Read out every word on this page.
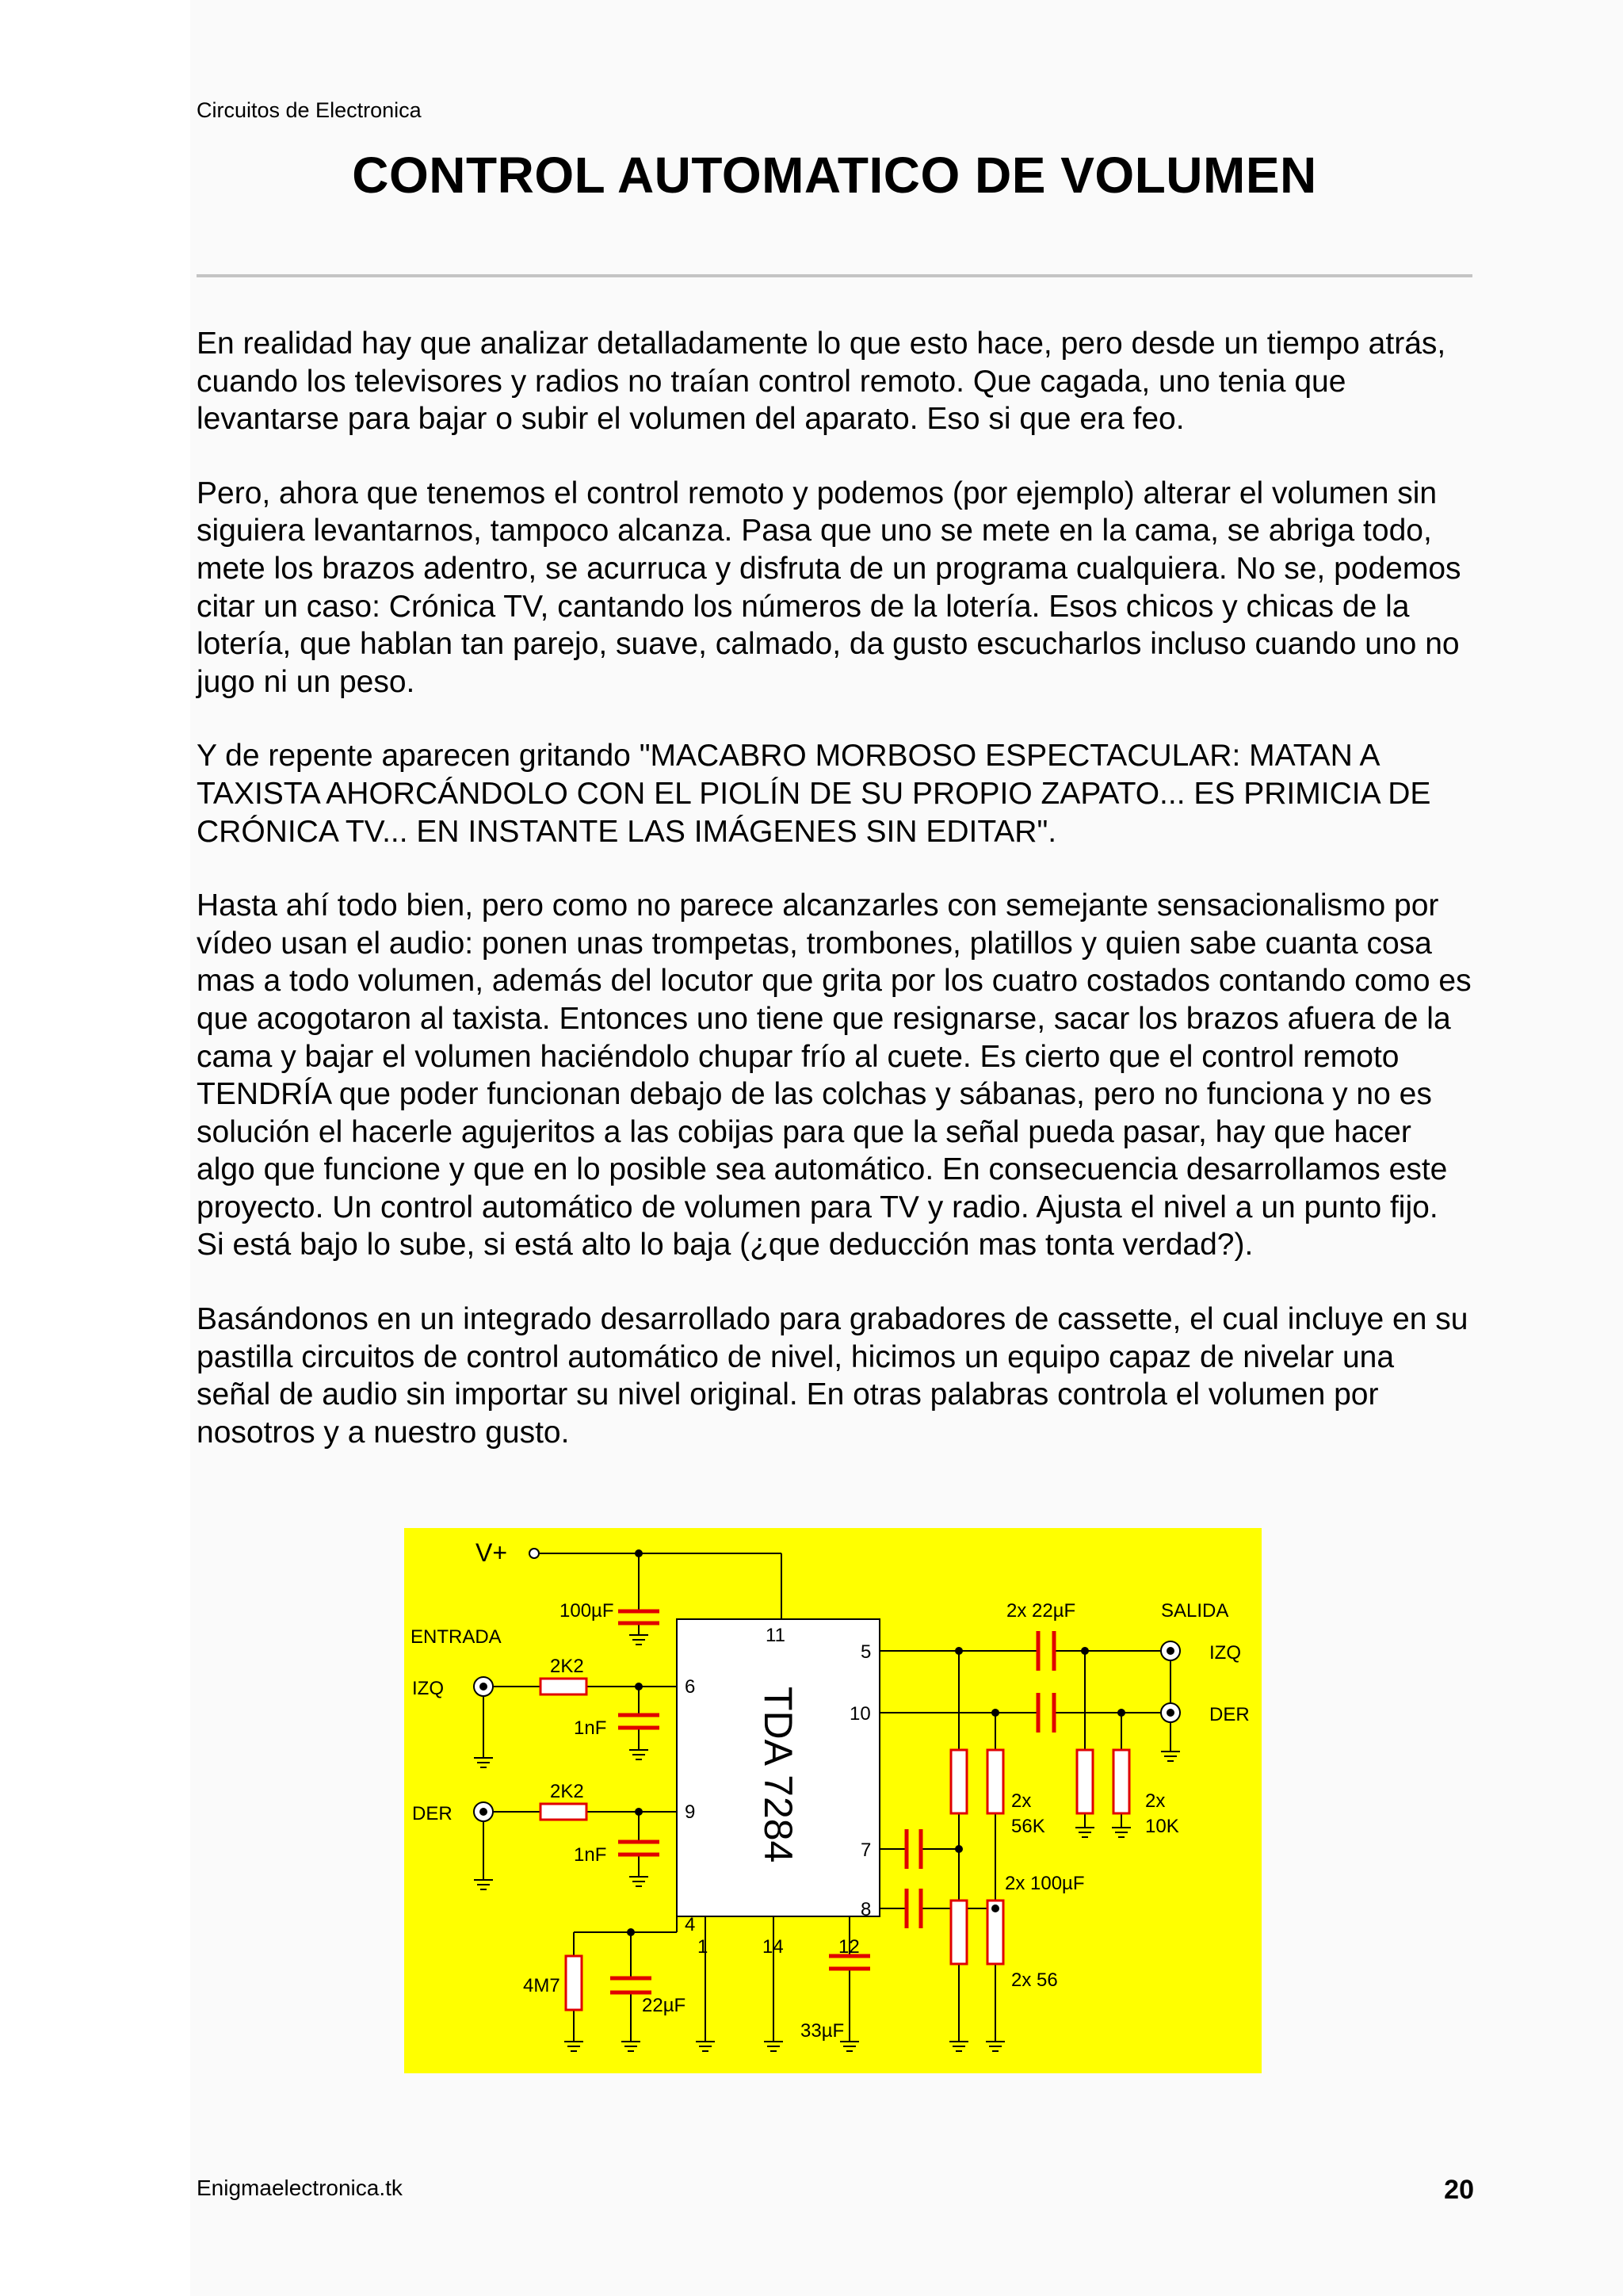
Circuitos de Electronica
CONTROL AUTOMATICO DE VOLUMEN

En realidad hay que analizar detalladamente lo que esto hace, pero desde un tiempo atrás, cuando los televisores y radios no traían control remoto. Que cagada, uno tenia que levantarse para bajar o subir el volumen del aparato. Eso si que era feo.

Pero, ahora que tenemos el control remoto y podemos (por ejemplo) alterar el volumen sin siguiera levantarnos, tampoco alcanza. Pasa que uno se mete en la cama, se abriga todo, mete los brazos adentro, se acurruca y disfruta de un programa cualquiera. No se, podemos citar un caso: Crónica TV, cantando los números de la lotería. Esos chicos y chicas de la lotería, que hablan tan parejo, suave, calmado, da gusto escucharlos incluso cuando uno no jugo ni un peso.

Y de repente aparecen gritando "MACABRO MORBOSO ESPECTACULAR: MATAN A TAXISTA AHORCÁNDOLO CON EL PIOLÍN DE SU PROPIO ZAPATO... ES PRIMICIA DE CRÓNICA TV... EN INSTANTE LAS IMÁGENES SIN EDITAR".

Hasta ahí todo bien, pero como no parece alcanzarles con semejante sensacionalismo por vídeo usan el audio: ponen unas trompetas, trombones, platillos y quien sabe cuanta cosa mas a todo volumen, además del locutor que grita por los cuatro costados contando como es que acogotaron al taxista. Entonces uno tiene que resignarse, sacar los brazos afuera de la cama y bajar el volumen haciéndolo chupar frío al cuete. Es cierto que el control remoto TENDRÍA que poder funcionan debajo de las colchas y sábanas, pero no funciona y no es solución el hacerle agujeritos a las cobijas para que la señal pueda pasar, hay que hacer algo que funcione y que en lo posible sea automático. En consecuencia desarrollamos este proyecto. Un control automático de volumen para TV y radio. Ajusta el nivel a un punto fijo. Si está bajo lo sube, si está alto lo baja (¿que deducción mas tonta verdad?).

Basándonos en un integrado desarrollado para grabadores de cassette, el cual incluye en su pastilla circuitos de control automático de nivel, hicimos un equipo capaz de nivelar una señal de audio sin importar su nivel original. En otras palabras controla el volumen por nosotros y a nuestro gusto.

V+
ENTRADA
IZQ
DER
2K2
2K2
1nF
1nF
100µF
4M7
22µF
33µF
2x 22µF	SALIDA
IZQ
DER
2x
56K
2x
10K
2x 100µF
2x 56
11
5
10
6
9
7
8
4
1	14	12
TDA 7284
Enigmaelectronica.tk	20
